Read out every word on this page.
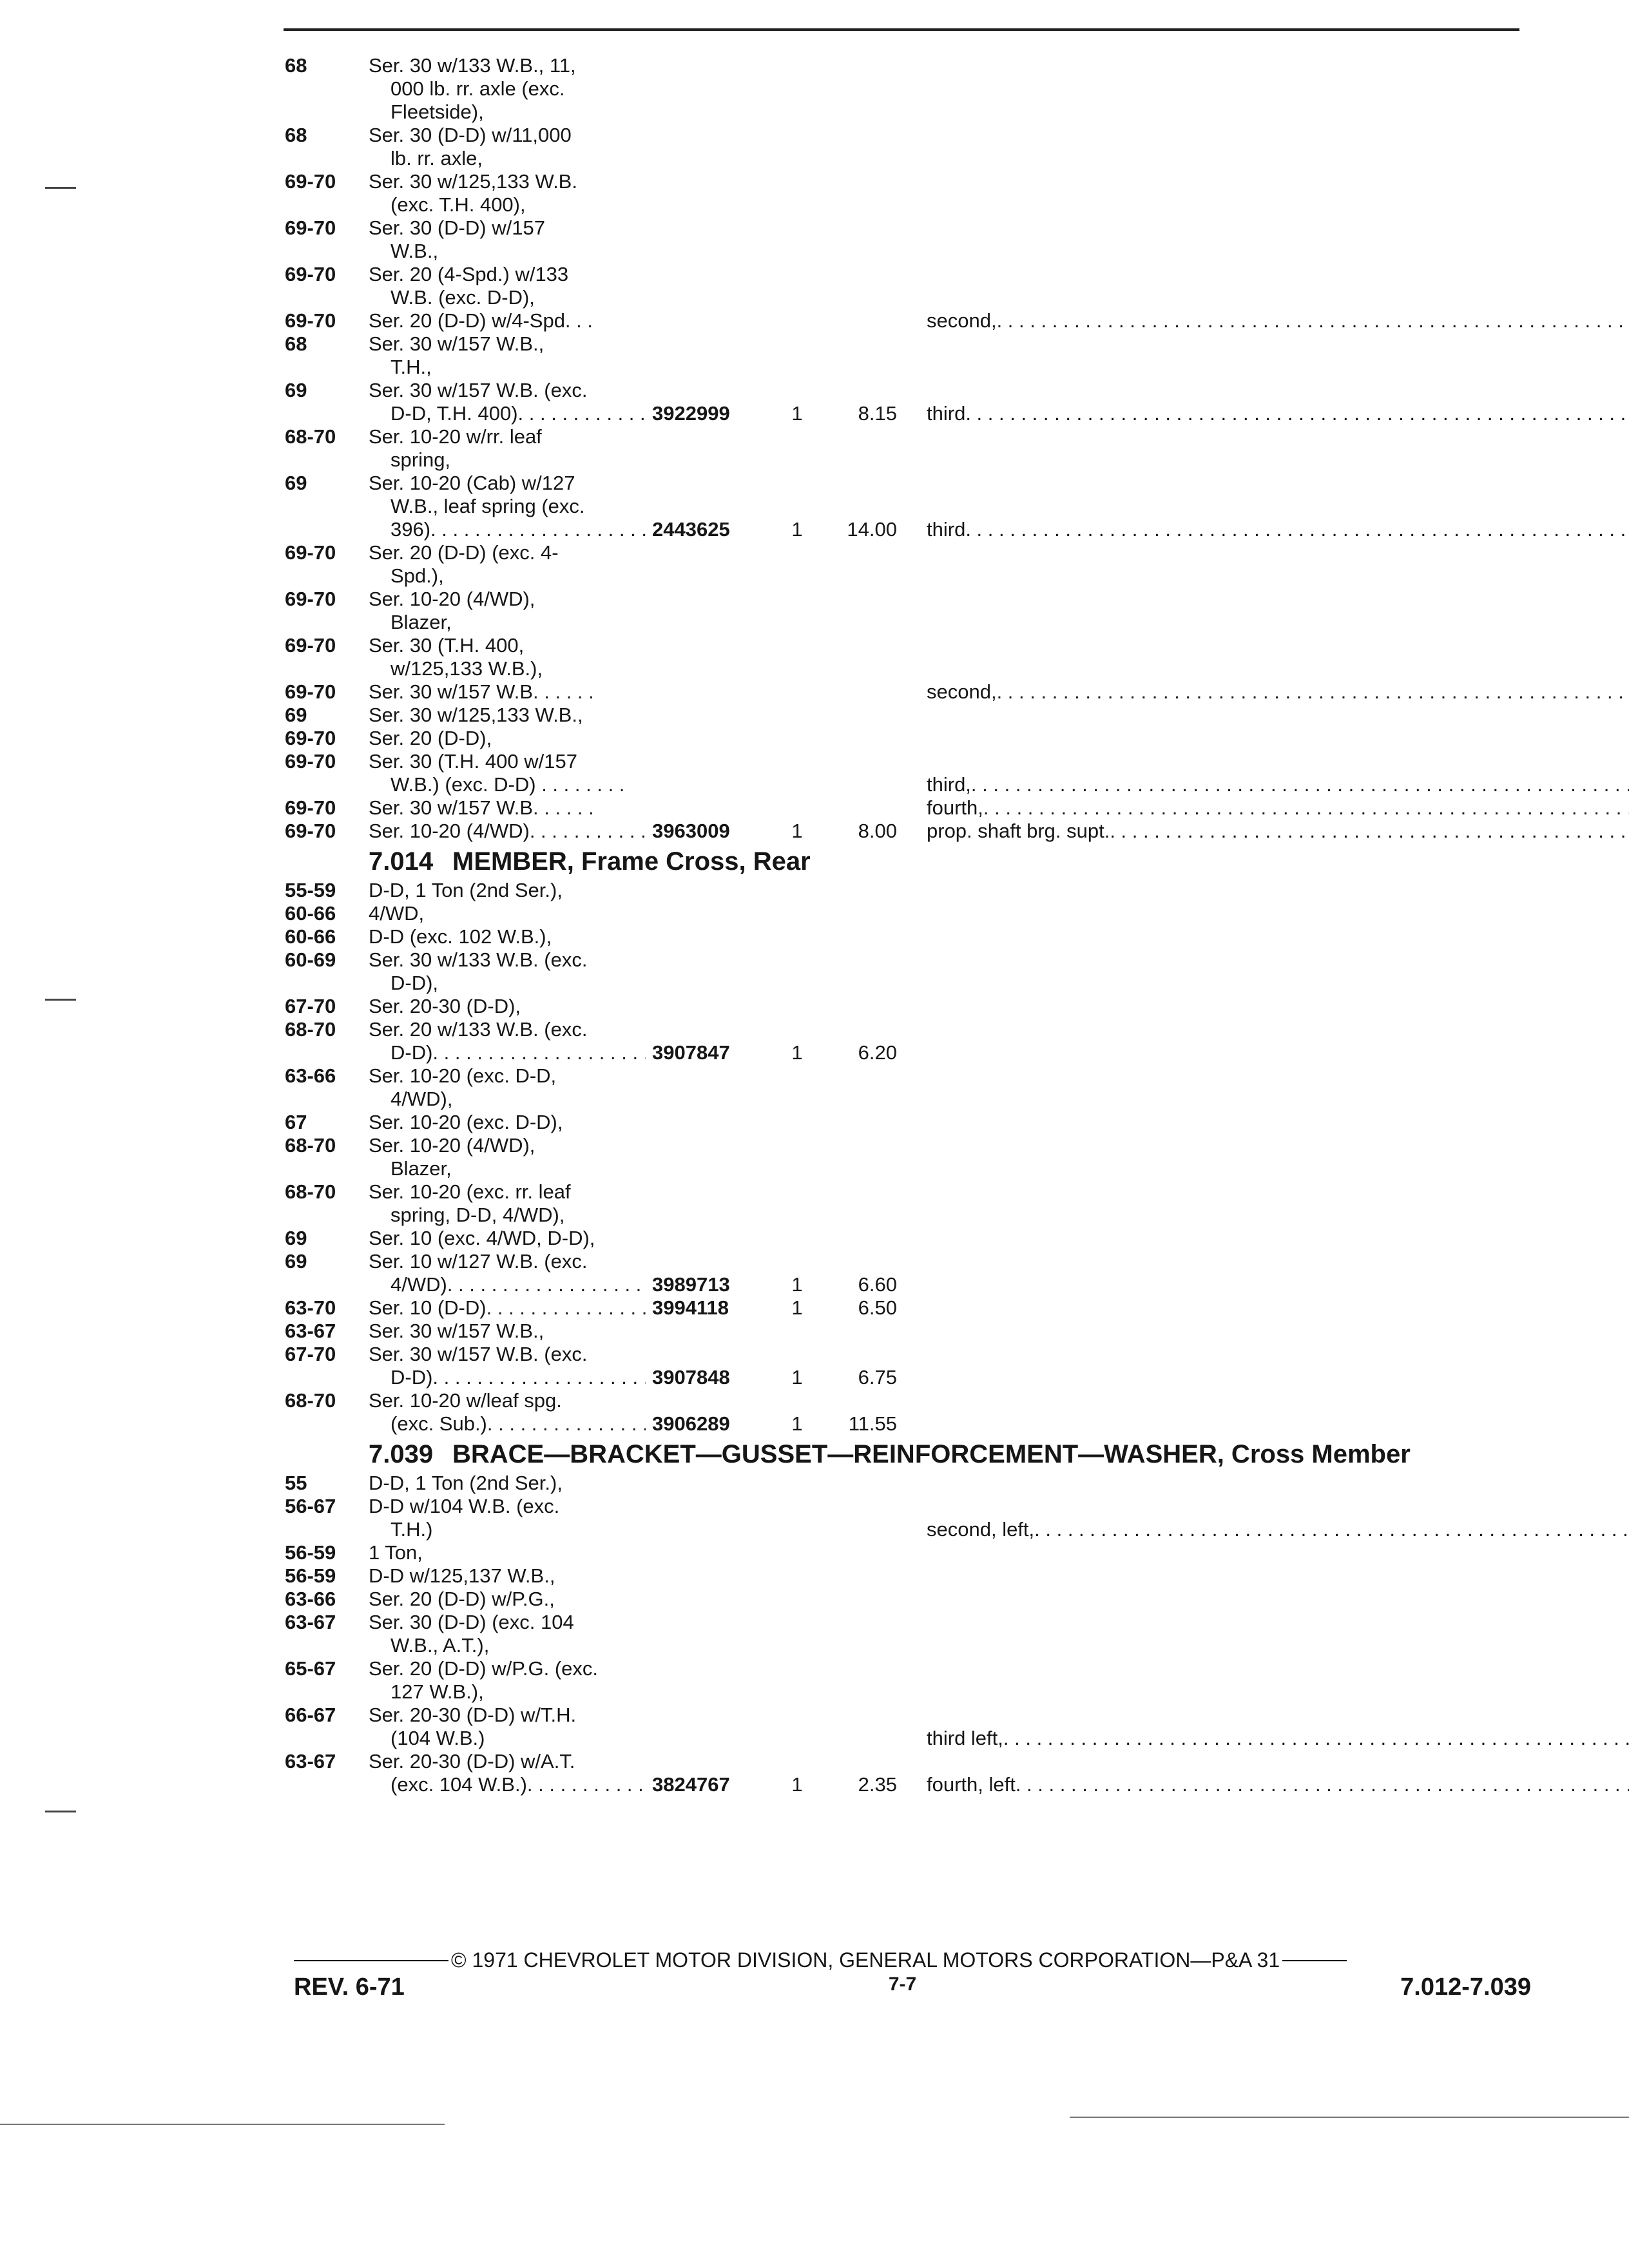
68	Ser. 30 w/133 W.B., 11,
000 lb. rr. axle (exc.
Fleetside),
68	Ser. 30 (D-D) w/11,000
lb. rr. axle,
69-70	Ser. 30 w/125,133 W.B.
(exc. T.H. 400),
69-70	Ser. 30 (D-D) w/157
W.B.,
69-70	Ser. 20 (4-Spd.) w/133
W.B. (exc. D-D),
69-70	Ser. 20 (D-D) w/4-Spd. . .	second,
. . .
68	Ser. 30 w/157 W.B.,
T.H.,
69	Ser. 30 w/157 W.B. (exc.
D-D, T.H. 400) . . .	3922999	1	8.15 third
. . .
68-70	Ser. 10-20 w/rr. leaf
spring,
69	Ser. 10-20 (Cab) w/127
W.B., leaf spring (exc.
396) . . .	2443625	1	14.00 third
. . .
69-70	Ser. 20 (D-D) (exc. 4-
Spd.),
69-70	Ser. 10-20 (4/WD),
Blazer,
69-70	Ser. 30 (T.H. 400,
w/125,133 W.B.),
69-70	Ser. 30 w/157 W.B. . . . . .	second,
. . .
69	Ser. 30 w/125,133 W.B.,
69-70	Ser. 20 (D-D),
69-70	Ser. 30 (T.H. 400 w/157
W.B.) (exc. D-D) . . . . . . . .	third,
. . .
69-70	Ser. 30 w/157 W.B. . . . . .	fourth,
. . .
69-70	Ser. 10-20 (4/WD) . . .	3963009	1	8.00 prop. shaft brg. supt.
. . .
7.014 MEMBER, Frame Cross, Rear
55-59	D-D, 1 Ton (2nd Ser.),
60-66	4/WD,
60-66	D-D (exc. 102 W.B.),
60-69	Ser. 30 w/133 W.B. (exc.
D-D),
67-70	Ser. 20-30 (D-D),
68-70	Ser. 20 w/133 W.B. (exc.
D-D) . . .	3907847	1	6.20
63-66	Ser. 10-20 (exc. D-D,
4/WD),
67	Ser. 10-20 (exc. D-D),
68-70	Ser. 10-20 (4/WD),
Blazer,
68-70	Ser. 10-20 (exc. rr. leaf
spring, D-D, 4/WD),
69	Ser. 10 (exc. 4/WD, D-D),
69	Ser. 10 w/127 W.B. (exc.
4/WD) . . .	3989713	1	6.60
63-70	Ser. 10 (D-D) . . .	3994118	1	6.50
63-67	Ser. 30 w/157 W.B.,
67-70	Ser. 30 w/157 W.B. (exc.
D-D) . . .	3907848	1	6.75
68-70	Ser. 10-20 w/leaf spg.
(exc. Sub.) . . .	3906289	1	11.55
7.039 BRACE—BRACKET—GUSSET—REINFORCEMENT—WASHER, Cross Member
55	D-D, 1 Ton (2nd Ser.),
56-67	D-D w/104 W.B. (exc.
T.H.)	second, left,
. . .
56-59	1 Ton,
56-59	D-D w/125,137 W.B.,
63-66	Ser. 20 (D-D) w/P.G.,
63-67	Ser. 30 (D-D) (exc. 104
W.B., A.T.),
65-67	Ser. 20 (D-D) w/P.G. (exc.
127 W.B.),
66-67	Ser. 20-30 (D-D) w/T.H.
(104 W.B.)	third left,
. . .
63-67	Ser. 20-30 (D-D) w/A.T.
(exc. 104 W.B.) . . .	3824767	1	2.35 fourth, left
. . .
© 1971 CHEVROLET MOTOR DIVISION, GENERAL MOTORS CORPORATION—P&A 31
REV. 6-71	7-7	7.012-7.039
